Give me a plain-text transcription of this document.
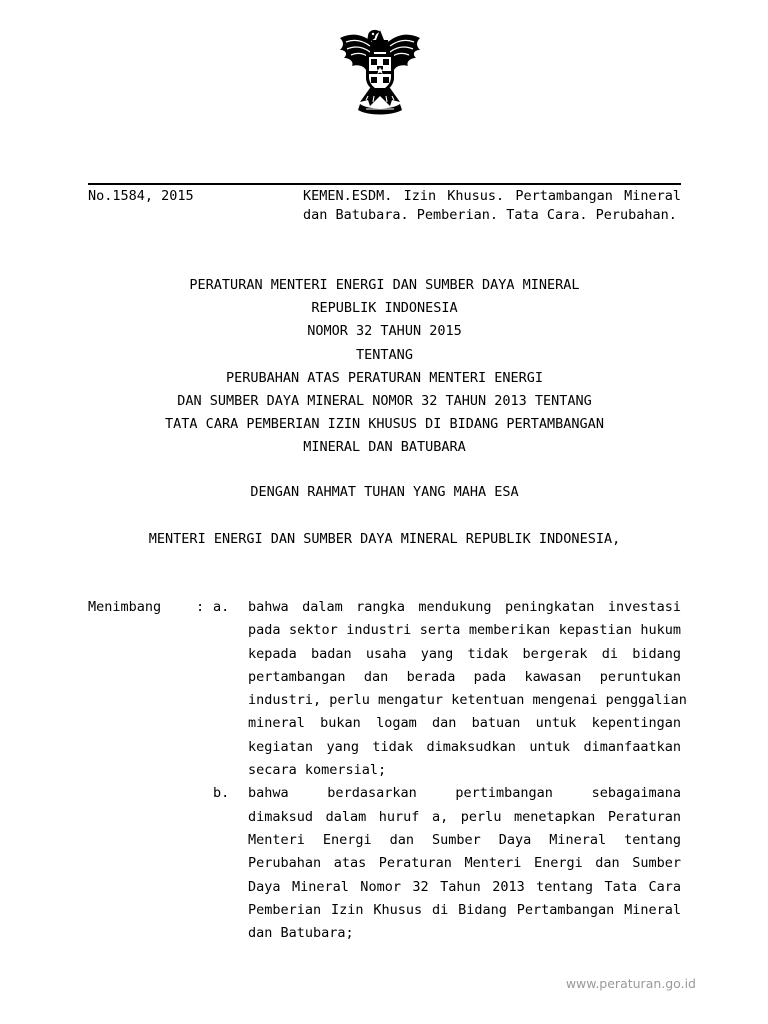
No.1584, 2015	KEMEN.ESDM. Izin Khusus. Pertambangan Mineral dan Batubara. Pemberian. Tata Cara. Perubahan.
PERATURAN MENTERI ENERGI DAN SUMBER DAYA MINERAL
REPUBLIK INDONESIA
NOMOR 32 TAHUN 2015
TENTANG
PERUBAHAN ATAS PERATURAN MENTERI ENERGI
DAN SUMBER DAYA MINERAL NOMOR 32 TAHUN 2013 TENTANG
TATA CARA PEMBERIAN IZIN KHUSUS DI BIDANG PERTAMBANGAN
MINERAL DAN BATUBARA
DENGAN RAHMAT TUHAN YANG MAHA ESA
MENTERI ENERGI DAN SUMBER DAYA MINERAL REPUBLIK INDONESIA,
Menimbang	: a. bahwa dalam rangka mendukung peningkatan investasi
pada sektor industri serta memberikan kepastian hukum
kepada badan usaha yang tidak bergerak di bidang
pertambangan dan berada pada kawasan peruntukan
industri, perlu mengatur ketentuan mengenai penggalian
mineral bukan logam dan batuan untuk kepentingan
kegiatan yang tidak dimaksudkan untuk dimanfaatkan
secara komersial;
b. bahwa berdasarkan pertimbangan sebagaimana
dimaksud dalam huruf a, perlu menetapkan Peraturan
Menteri Energi dan Sumber Daya Mineral tentang
Perubahan atas Peraturan Menteri Energi dan Sumber
Daya Mineral Nomor 32 Tahun 2013 tentang Tata Cara
Pemberian Izin Khusus di Bidang Pertambangan Mineral
dan Batubara;
www.peraturan.go.id
